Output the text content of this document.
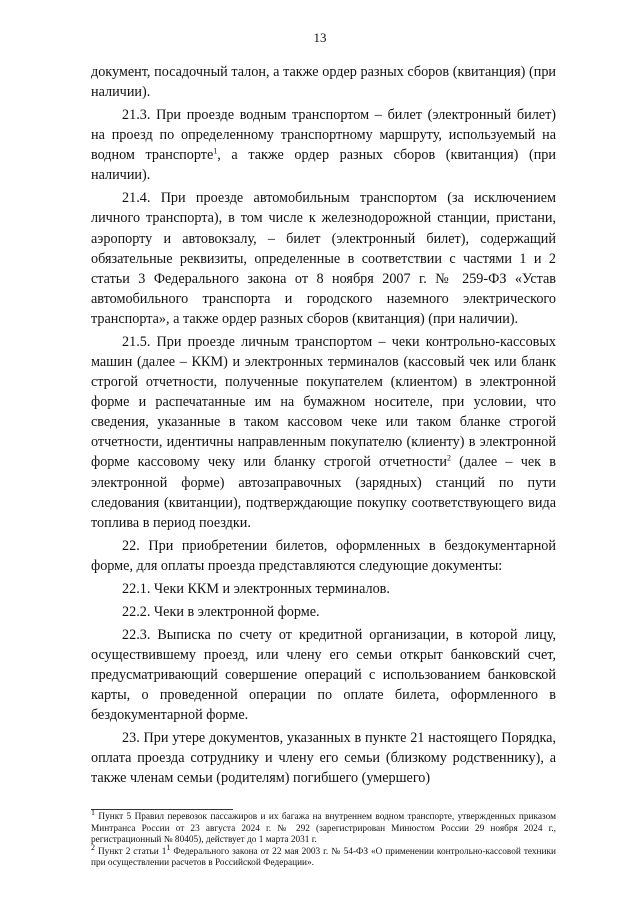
13

документ, посадочный талон, а также ордер разных сборов (квитанция) (при наличии).

21.3. При проезде водным транспортом – билет (электронный билет) на проезд по определенному транспортному маршруту, используемый на водном транспорте$^1$, а также ордер разных сборов (квитанция) (при наличии).

21.4. При проезде автомобильным транспортом (за исключением личного транспорта), в том числе к железнодорожной станции, пристани, аэропорту и автовокзалу, – билет (электронный билет), содержащий обязательные реквизиты, определенные в соответствии с частями 1 и 2 статьи 3 Федерального закона от 8 ноября 2007 г. № 259-ФЗ «Устав автомобильного транспорта и городского наземного электрического транспорта», а также ордер разных сборов (квитанция) (при наличии).

21.5. При проезде личным транспортом – чеки контрольно-кассовых машин (далее – ККМ) и электронных терминалов (кассовый чек или бланк строгой отчетности, полученные покупателем (клиентом) в электронной форме и распечатанные им на бумажном носителе, при условии, что сведения, указанные в таком кассовом чеке или таком бланке строгой отчетности, идентичны направленным покупателю (клиенту) в электронной форме кассовому чеку или бланку строгой отчетности$^2$ (далее – чек в электронной форме) автозаправочных (зарядных) станций по пути следования (квитанции), подтверждающие покупку соответствующего вида топлива в период поездки.

22. При приобретении билетов, оформленных в бездокументарной форме, для оплаты проезда представляются следующие документы:

22.1. Чеки ККМ и электронных терминалов.

22.2. Чеки в электронной форме.

22.3. Выписка по счету от кредитной организации, в которой лицу, осуществившему проезд, или члену его семьи открыт банковский счет, предусматривающий совершение операций с использованием банковской карты, о проведенной операции по оплате билета, оформленного в бездокументарной форме.

23. При утере документов, указанных в пункте 21 настоящего Порядка, оплата проезда сотруднику и члену его семьи (близкому родственнику), а также членам семьи (родителям) погибшего (умершего)

1 Пункт 5 Правил перевозок пассажиров и их багажа на внутреннем водном транспорте, утвержденных приказом Минтранса России от 23 августа 2024 г. № 292 (зарегистрирован Минюстом России 29 ноября 2024 г., регистрационный № 80405), действует до 1 марта 2031 г.

2 Пункт 2 статьи 11 Федерального закона от 22 мая 2003 г. № 54-ФЗ «О применении контрольно-кассовой техники при осуществлении расчетов в Российской Федерации».
